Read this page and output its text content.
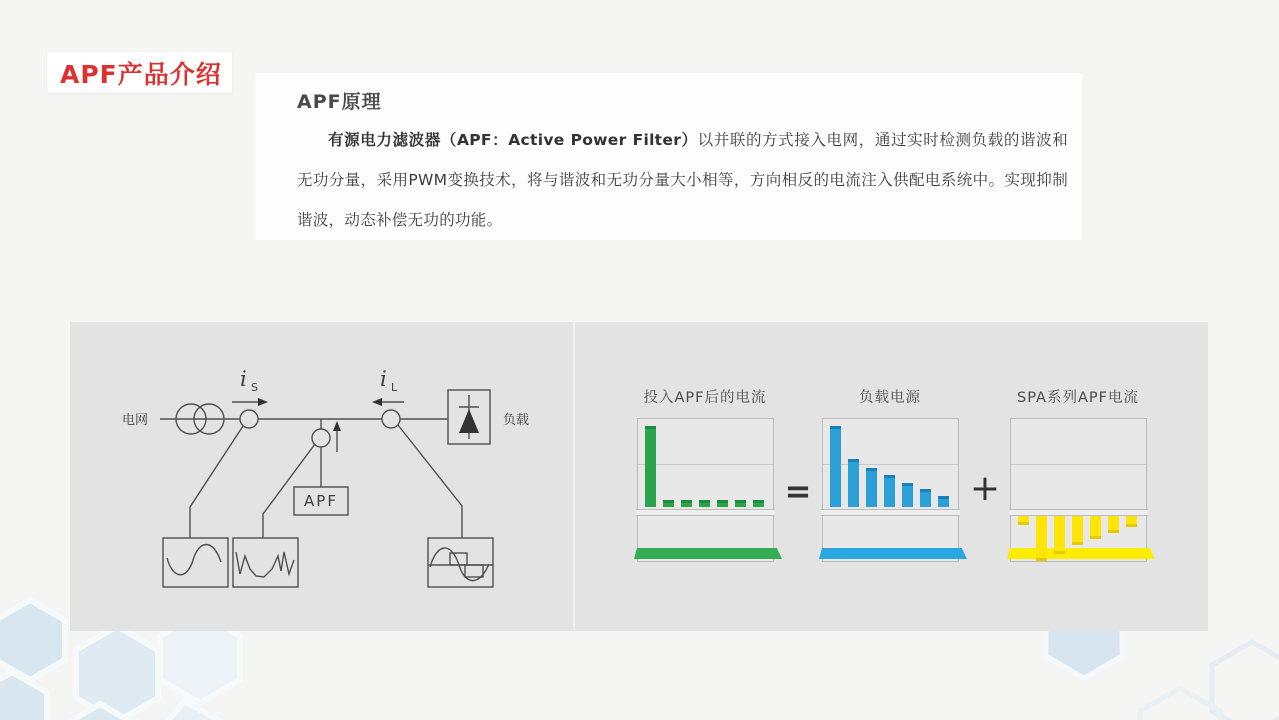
APF产品介绍
APF原理

有源电力滤波器（APF：Active Power Filter）以并联的方式接入电网，通过实时检测负载的谐波和无功分量，采用PWM变换技术，将与谐波和无功分量大小相等，方向相反的电流注入供配电系统中。实现抑制谐波，动态补偿无功的功能。

电网	负载
APF
i S	i L
投入APF后的电流
=
负载电源
+
SPA系列APF电流
